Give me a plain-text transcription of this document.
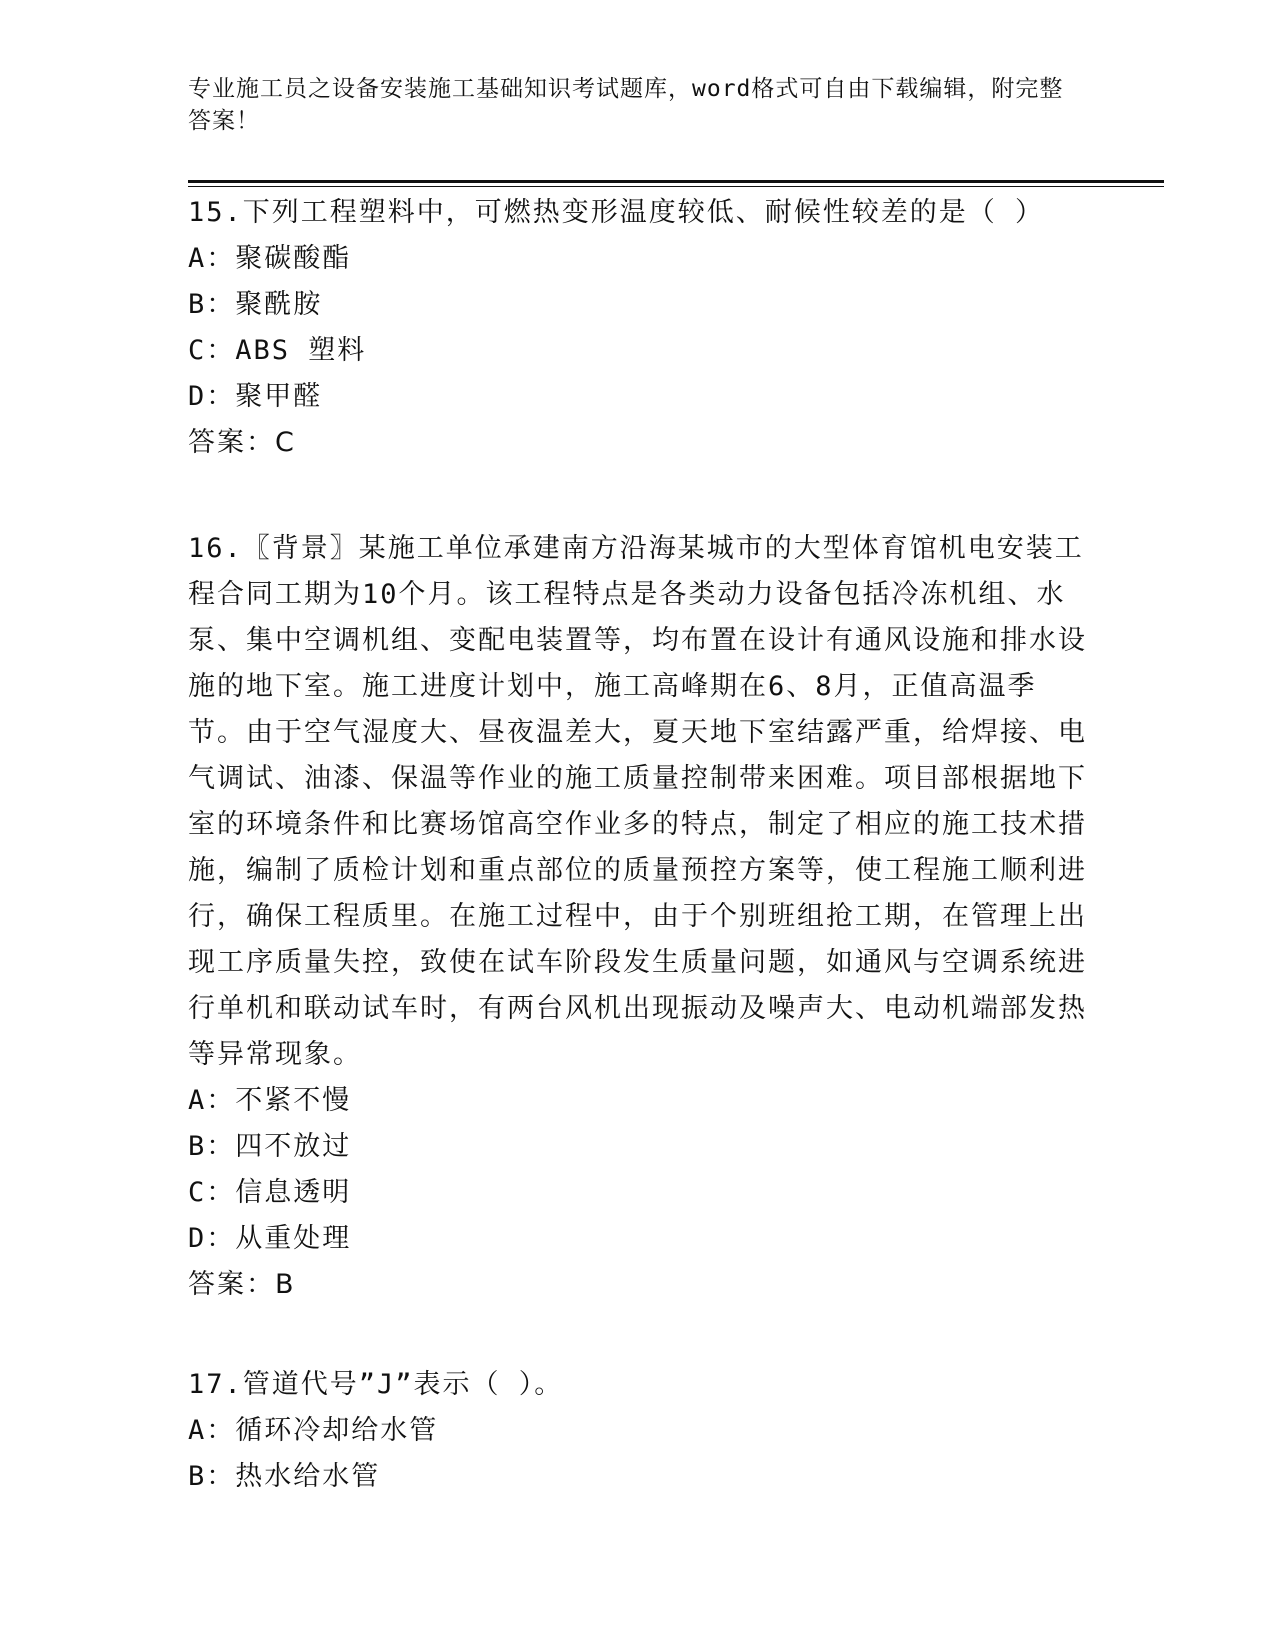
专业施工员之设备安装施工基础知识考试题库，word格式可自由下载编辑，附完整答案！

15.下列工程塑料中，可燃热变形温度较低、耐候性较差的是（ ）

A：聚碳酸酯

B：聚酰胺

C：ABS 塑料

D：聚甲醛

答案：C

16.〖背景〗某施工单位承建南方沿海某城市的大型体育馆机电安装工程合同工期为10个月。该工程特点是各类动力设备包括冷冻机组、水泵、集中空调机组、变配电装置等，均布置在设计有通风设施和排水设施的地下室。施工进度计划中，施工高峰期在6、8月，正值高温季节。由于空气湿度大、昼夜温差大，夏天地下室结露严重，给焊接、电气调试、油漆、保温等作业的施工质量控制带来困难。项目部根据地下室的环境条件和比赛场馆高空作业多的特点，制定了相应的施工技术措施，编制了质检计划和重点部位的质量预控方案等，使工程施工顺利进行，确保工程质里。在施工过程中，由于个别班组抢工期，在管理上出现工序质量失控，致使在试车阶段发生质量问题，如通风与空调系统进行单机和联动试车时，有两台风机出现振动及噪声大、电动机端部发热等异常现象。

A：不紧不慢

B：四不放过

C：信息透明

D：从重处理

答案：B

17.管道代号”J”表示（ ）。

A：循环冷却给水管

B：热水给水管
